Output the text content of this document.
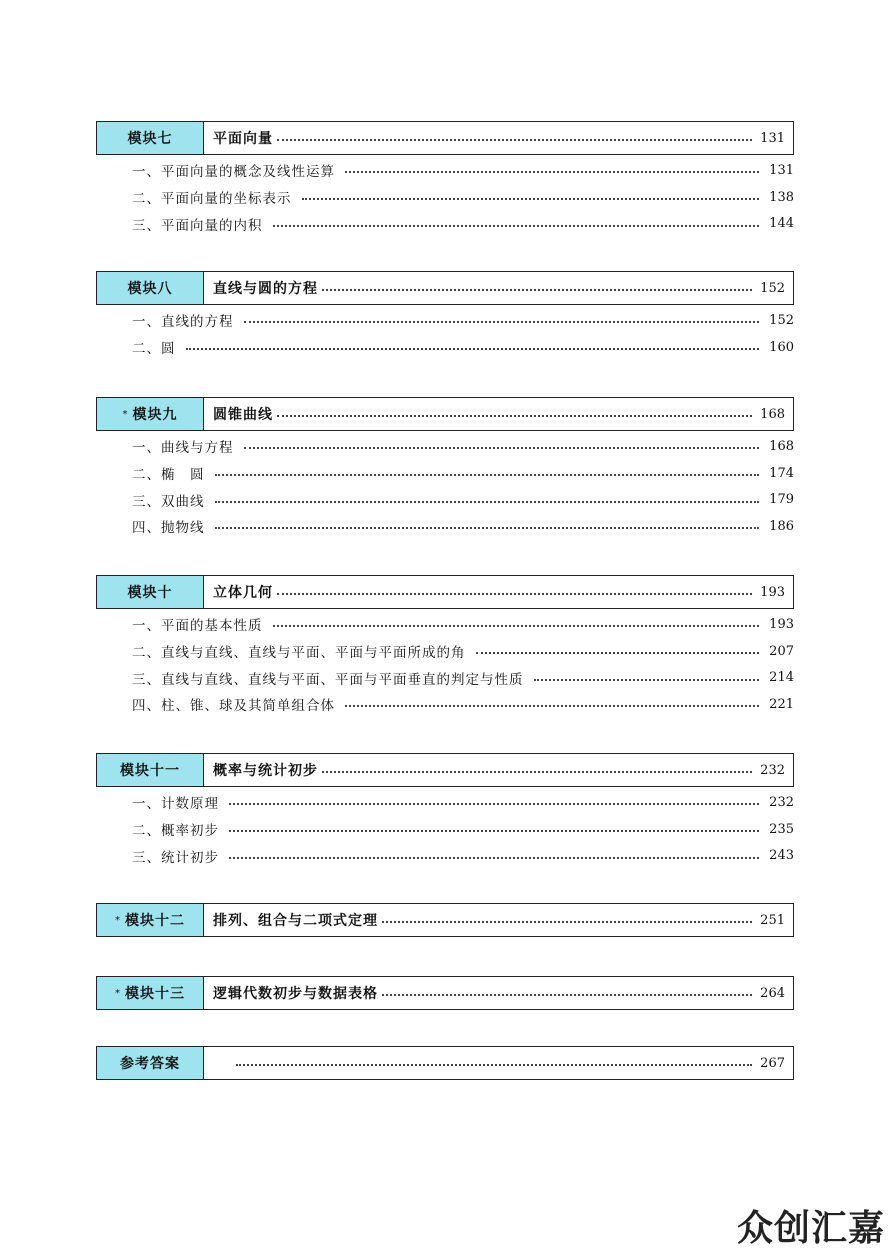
模块七	平面向量	131
一、平面向量的概念及线性运算	131
二、平面向量的坐标表示	138
三、平面向量的内积	144
模块八	直线与圆的方程	152
一、直线的方程	152
二、圆	160
* 模块九	圆锥曲线	168
一、曲线与方程	168
二、椭　圆	174
三、双曲线	179
四、抛物线	186
模块十	立体几何	193
一、平面的基本性质	193
二、直线与直线、直线与平面、平面与平面所成的角	207
三、直线与直线、直线与平面、平面与平面垂直的判定与性质	214
四、柱、锥、球及其简单组合体	221
模块十一 概率与统计初步	232
一、计数原理	232
二、概率初步	235
三、统计初步	243
* 模块十二 排列、组合与二项式定理	251
* 模块十三 逻辑代数初步与数据表格	264
参考答案	267
众创汇嘉
